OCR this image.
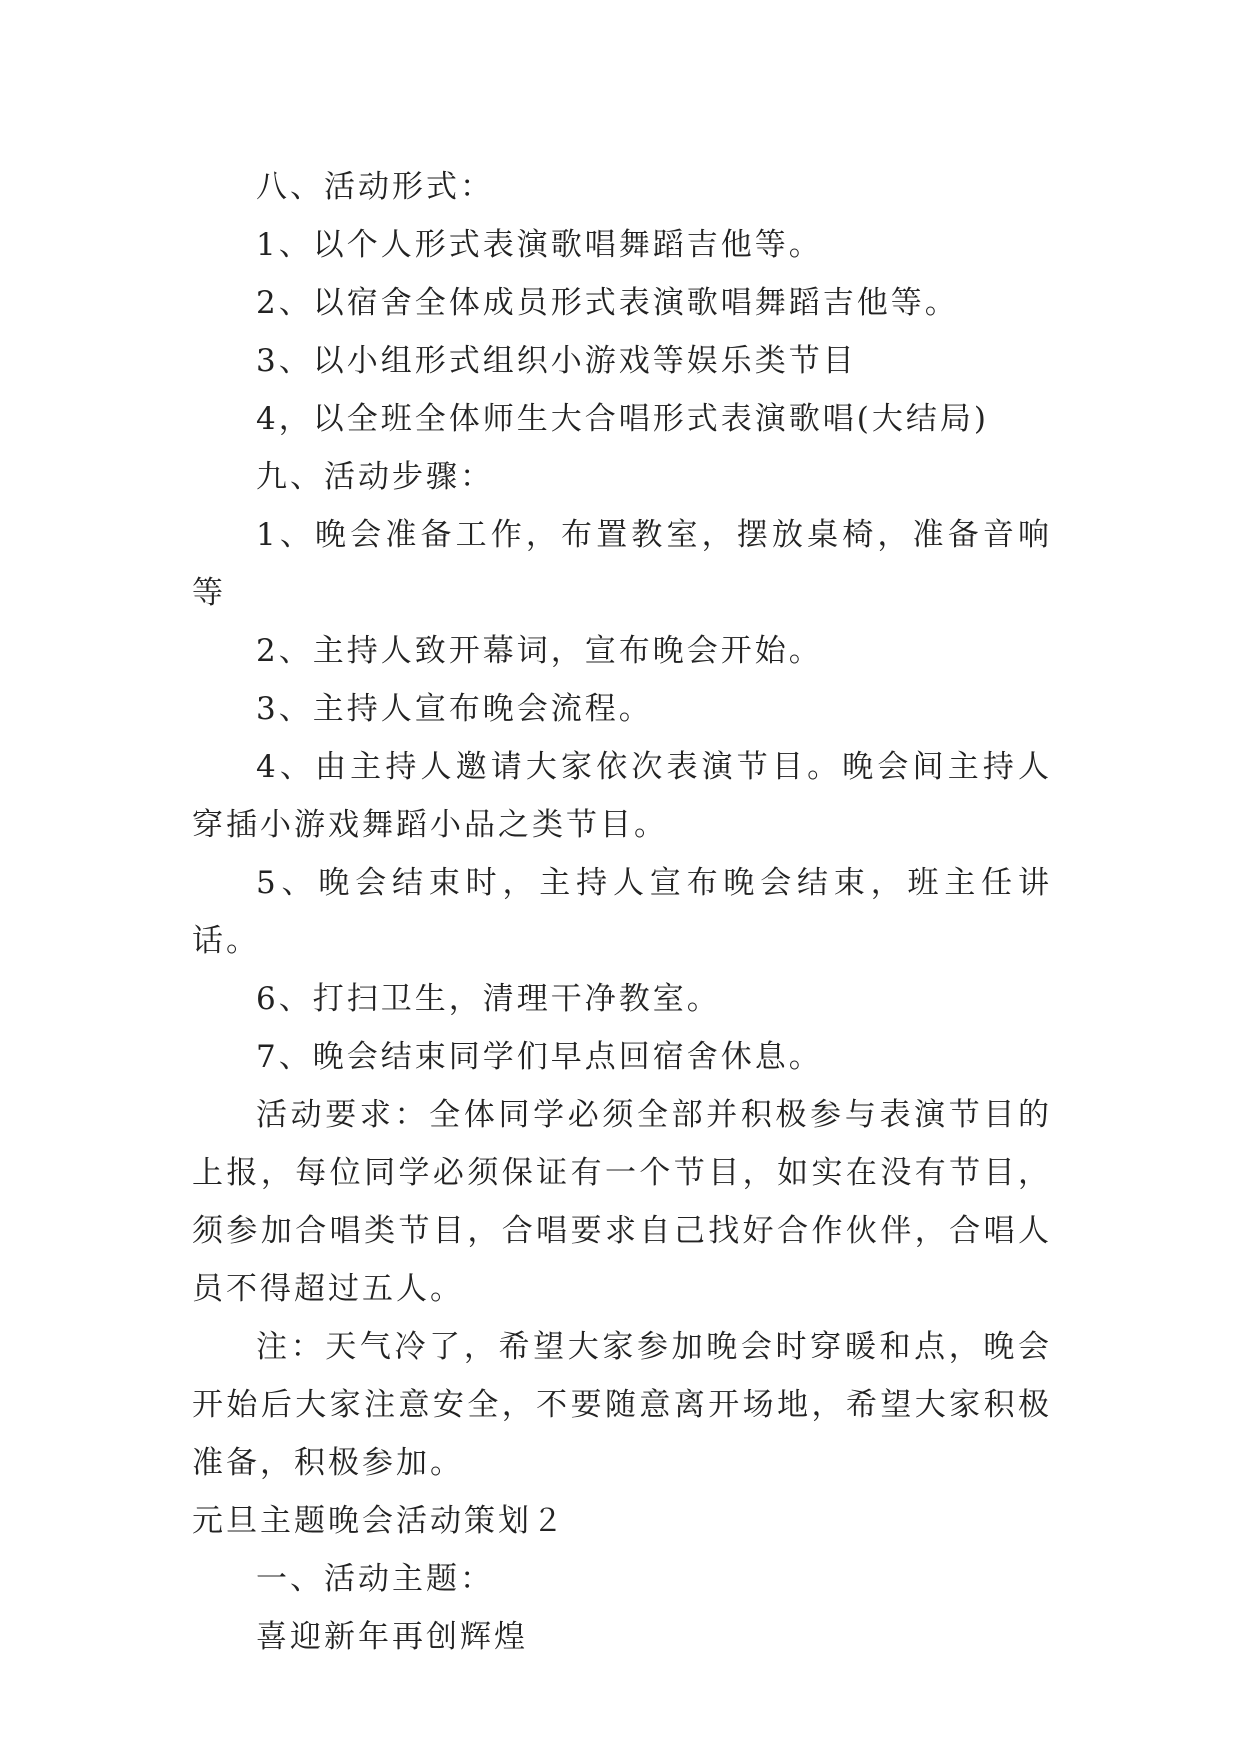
八、活动形式：

1、以个人形式表演歌唱舞蹈吉他等。

2、以宿舍全体成员形式表演歌唱舞蹈吉他等。

3、以小组形式组织小游戏等娱乐类节目

4，以全班全体师生大合唱形式表演歌唱(大结局)

九、活动步骤：

1、晚会准备工作，布置教室，摆放桌椅，准备音响等

2、主持人致开幕词，宣布晚会开始。

3、主持人宣布晚会流程。

4、由主持人邀请大家依次表演节目。晚会间主持人穿插小游戏舞蹈小品之类节目。

5、晚会结束时，主持人宣布晚会结束，班主任讲话。

6、打扫卫生，清理干净教室。

7、晚会结束同学们早点回宿舍休息。

活动要求：全体同学必须全部并积极参与表演节目的上报，每位同学必须保证有一个节目，如实在没有节目，须参加合唱类节目，合唱要求自己找好合作伙伴，合唱人员不得超过五人。

注：天气冷了，希望大家参加晚会时穿暖和点，晚会开始后大家注意安全，不要随意离开场地，希望大家积极准备，积极参加。

元旦主题晚会活动策划２

一、活动主题：

喜迎新年再创辉煌
